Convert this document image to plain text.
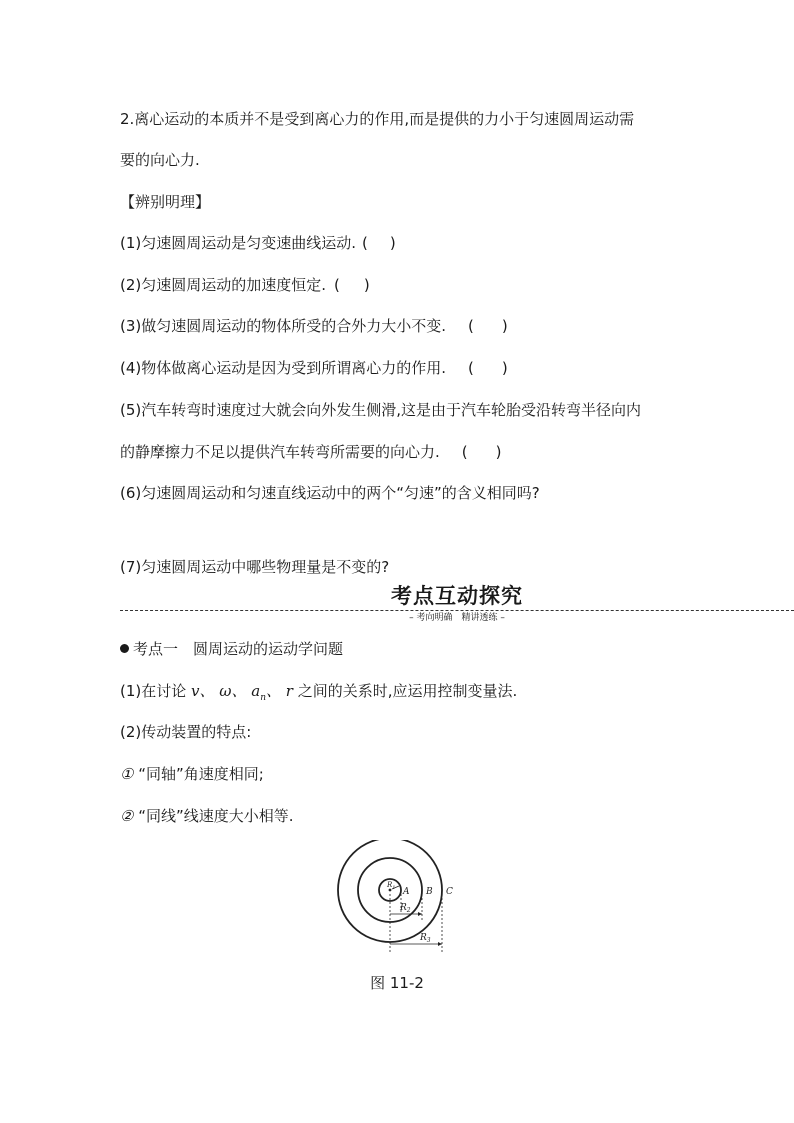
2.离心运动的本质并不是受到离心力的作用,而是提供的力小于匀速圆周运动需
要的向心力.
【辨别明理】
(1)匀速圆周运动是匀变速曲线运动. ( )
(2)匀速圆周运动的加速度恒定. ( )
(3)做匀速圆周运动的物体所受的合外力大小不变. ( )
(4)物体做离心运动是因为受到所谓离心力的作用. ( )
(5)汽车转弯时速度过大就会向外发生侧滑,这是由于汽车轮胎受沿转弯半径向内
的静摩擦力不足以提供汽车转弯所需要的向心力. ( )
(6)匀速圆周运动和匀速直线运动中的两个“匀速”的含义相同吗?
(7)匀速圆周运动中哪些物理量是不变的?
考点互动探究
– 考向明确　精讲透练 –
考点一　圆周运动的运动学问题
(1)在讨论 v、 ω、 $a_n$、 r 之间的关系时,应运用控制变量法.
(2)传动装置的特点:
① “同轴”角速度相同;
② “同线”线速度大小相等.
$R_1$ A B C
$R_2$
$R_3$
图 11-2
